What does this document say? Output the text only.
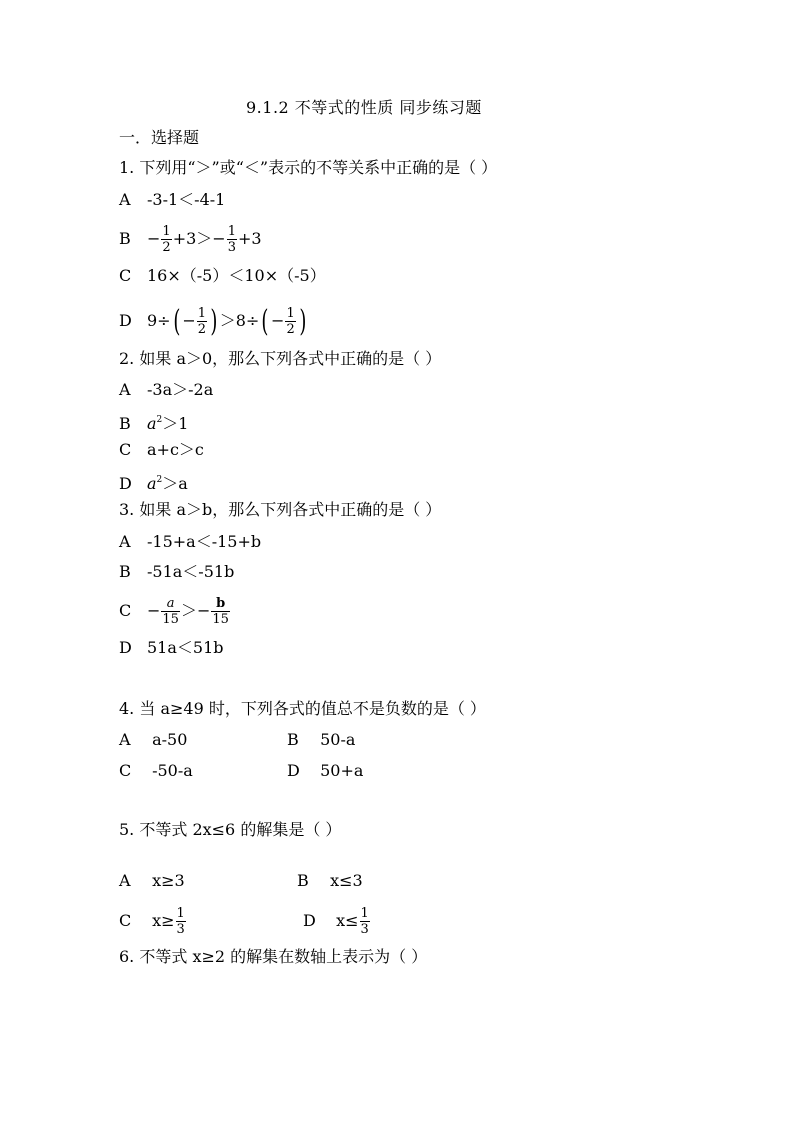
9.1.2 不等式的性质 同步练习题
一．选择题
1. 下列用“＞”或“＜”表示的不等关系中正确的是（ ）
A -3-1＜-4-1
$B - \frac{1}{2} +3>- \frac{1}{3} +3$
C 16×（-5）＜10×（-5）
D $9\div( - \frac{1}{2}$ ) $>8\div( - \frac{1}{2}$ )
2. 如果 a＞0，那么下列各式中正确的是（ ）
A -3a＞-2a
B $a^2>1$
C a+c＞c
D $a^2>a$
3. 如果 a＞b，那么下列各式中正确的是（ ）
A -15+a＜-15+b
B -51a＜-51b
$C - \frac{a}{15} >- \frac{b}{15}$
D 51a＜51b
4. 当 a≥49 时，下列各式的值总不是负数的是（ ）
A a-50	B 50-a
C -50-a	D 50+a
5. 不等式 2x≤6 的解集是（ ）
A x≥3	B x≤3
C $x\ge \frac{1}{3}$	D $x\le \frac{1}{3}$
6. 不等式 x≥2 的解集在数轴上表示为（ ）
